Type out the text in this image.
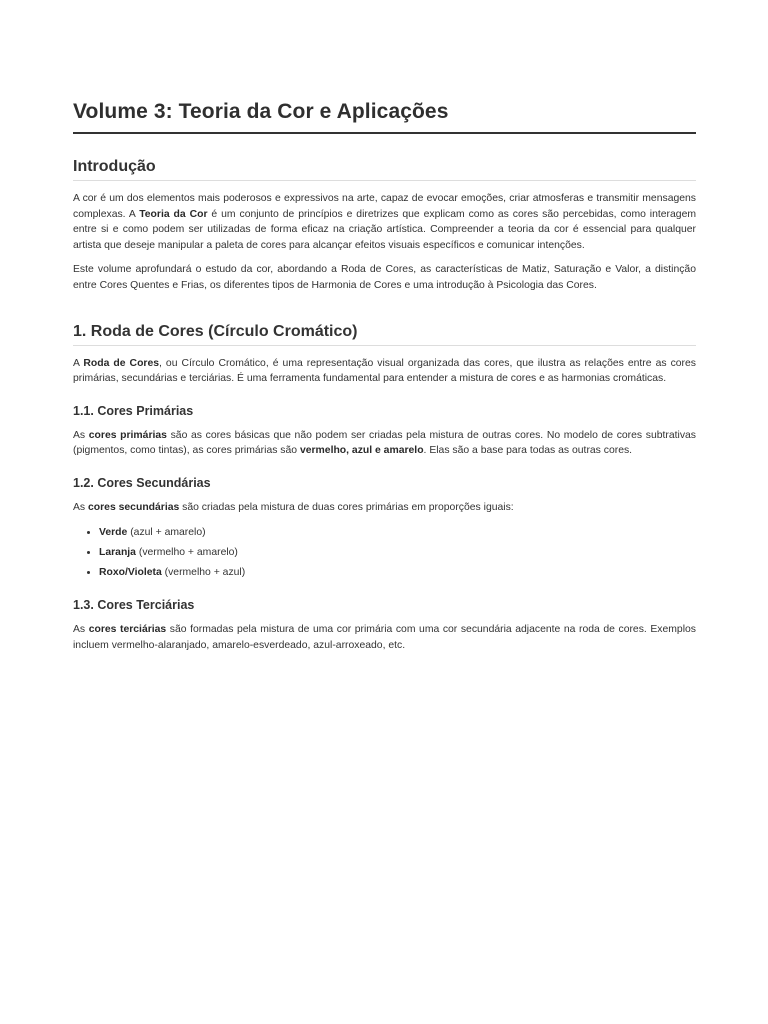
Volume 3: Teoria da Cor e Aplicações
Introdução

A cor é um dos elementos mais poderosos e expressivos na arte, capaz de evocar emoções, criar atmosferas e transmitir mensagens complexas. A Teoria da Cor é um conjunto de princípios e diretrizes que explicam como as cores são percebidas, como interagem entre si e como podem ser utilizadas de forma eficaz na criação artística. Compreender a teoria da cor é essencial para qualquer artista que deseje manipular a paleta de cores para alcançar efeitos visuais específicos e comunicar intenções.

Este volume aprofundará o estudo da cor, abordando a Roda de Cores, as características de Matiz, Saturação e Valor, a distinção entre Cores Quentes e Frias, os diferentes tipos de Harmonia de Cores e uma introdução à Psicologia das Cores.

1. Roda de Cores (Círculo Cromático)

A Roda de Cores, ou Círculo Cromático, é uma representação visual organizada das cores, que ilustra as relações entre as cores primárias, secundárias e terciárias. É uma ferramenta fundamental para entender a mistura de cores e as harmonias cromáticas.

1.1. Cores Primárias

As cores primárias são as cores básicas que não podem ser criadas pela mistura de outras cores. No modelo de cores subtrativas (pigmentos, como tintas), as cores primárias são vermelho, azul e amarelo. Elas são a base para todas as outras cores.

1.2. Cores Secundárias

As cores secundárias são criadas pela mistura de duas cores primárias em proporções iguais:

• Verde (azul + amarelo)
• Laranja (vermelho + amarelo)
• Roxo/Violeta (vermelho + azul)
1.3. Cores Terciárias

As cores terciárias são formadas pela mistura de uma cor primária com uma cor secundária adjacente na roda de cores. Exemplos incluem vermelho-alaranjado, amarelo-esverdeado, azul-arroxeado, etc.
